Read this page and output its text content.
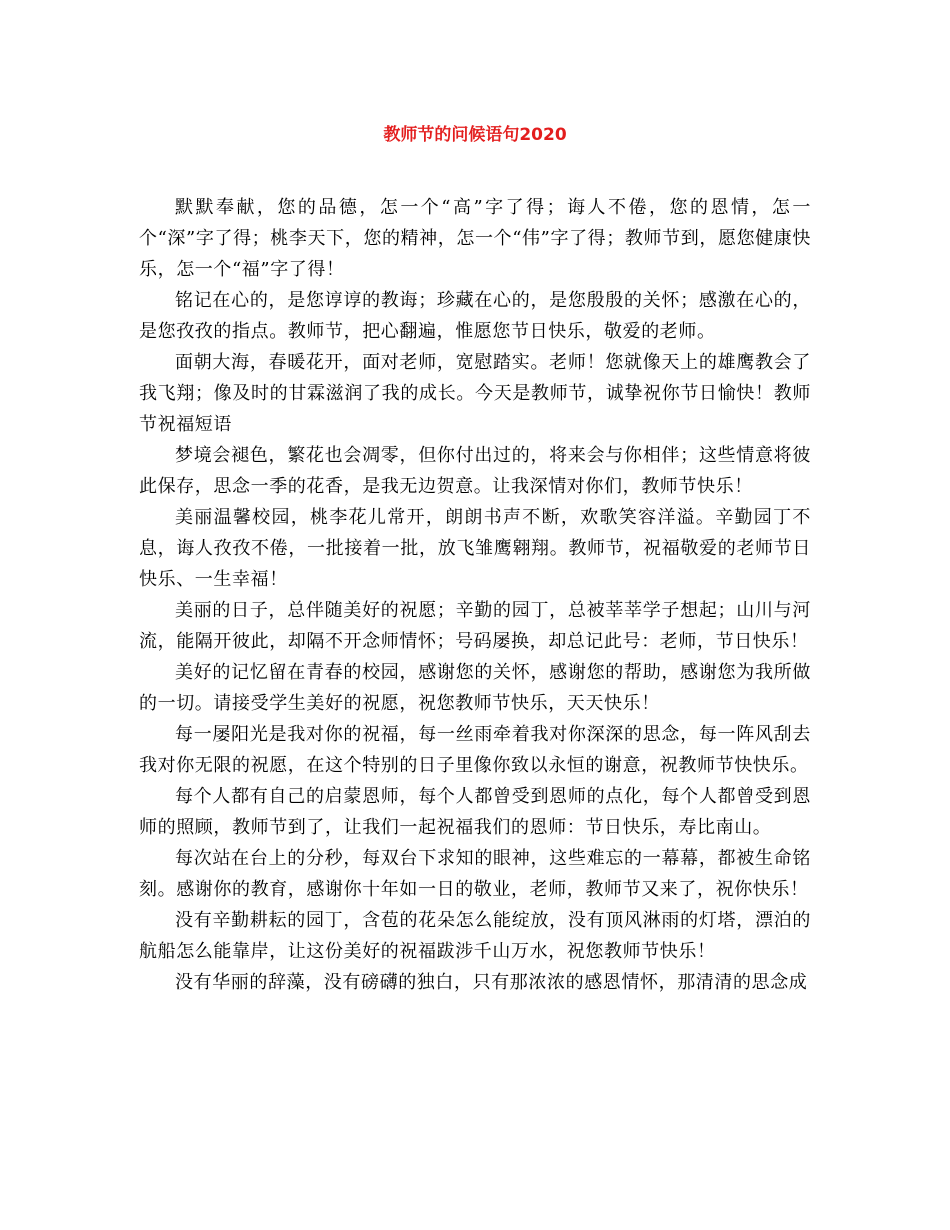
教师节的问候语句2020

默默奉献，您的品德，怎一个“高”字了得；诲人不倦，您的恩情，怎一个“深”字了得；桃李天下，您的精神，怎一个“伟”字了得；教师节到，愿您健康快乐，怎一个“福”字了得！

铭记在心的，是您谆谆的教诲；珍藏在心的，是您殷殷的关怀；感激在心的，是您孜孜的指点。教师节，把心翻遍，惟愿您节日快乐，敬爱的老师。

面朝大海，春暖花开，面对老师，宽慰踏实。老师！您就像天上的雄鹰教会了我飞翔；像及时的甘霖滋润了我的成长。今天是教师节，诚挚祝你节日愉快！教师节祝福短语

梦境会褪色，繁花也会凋零，但你付出过的，将来会与你相伴；这些情意将彼此保存，思念一季的花香，是我无边贺意。让我深情对你们，教师节快乐！

美丽温馨校园，桃李花儿常开，朗朗书声不断，欢歌笑容洋溢。辛勤园丁不息，诲人孜孜不倦，一批接着一批，放飞雏鹰翱翔。教师节，祝福敬爱的老师节日快乐、一生幸福！

美丽的日子，总伴随美好的祝愿；辛勤的园丁，总被莘莘学子想起；山川与河流，能隔开彼此，却隔不开念师情怀；号码屡换，却总记此号：老师，节日快乐！

美好的记忆留在青春的校园，感谢您的关怀，感谢您的帮助，感谢您为我所做的一切。请接受学生美好的祝愿，祝您教师节快乐，天天快乐！

每一屡阳光是我对你的祝福，每一丝雨牵着我对你深深的思念，每一阵风刮去我对你无限的祝愿，在这个特别的日子里像你致以永恒的谢意，祝教师节快快乐。

每个人都有自己的启蒙恩师，每个人都曾受到恩师的点化，每个人都曾受到恩师的照顾，教师节到了，让我们一起祝福我们的恩师：节日快乐，寿比南山。

每次站在台上的分秒，每双台下求知的眼神，这些难忘的一幕幕，都被生命铭刻。感谢你的教育，感谢你十年如一日的敬业，老师，教师节又来了，祝你快乐！

没有辛勤耕耘的园丁，含苞的花朵怎么能绽放，没有顶风淋雨的灯塔，漂泊的航船怎么能靠岸，让这份美好的祝福跋涉千山万水，祝您教师节快乐！

没有华丽的辞藻，没有磅礴的独白，只有那浓浓的感恩情怀，那清清的思念成
